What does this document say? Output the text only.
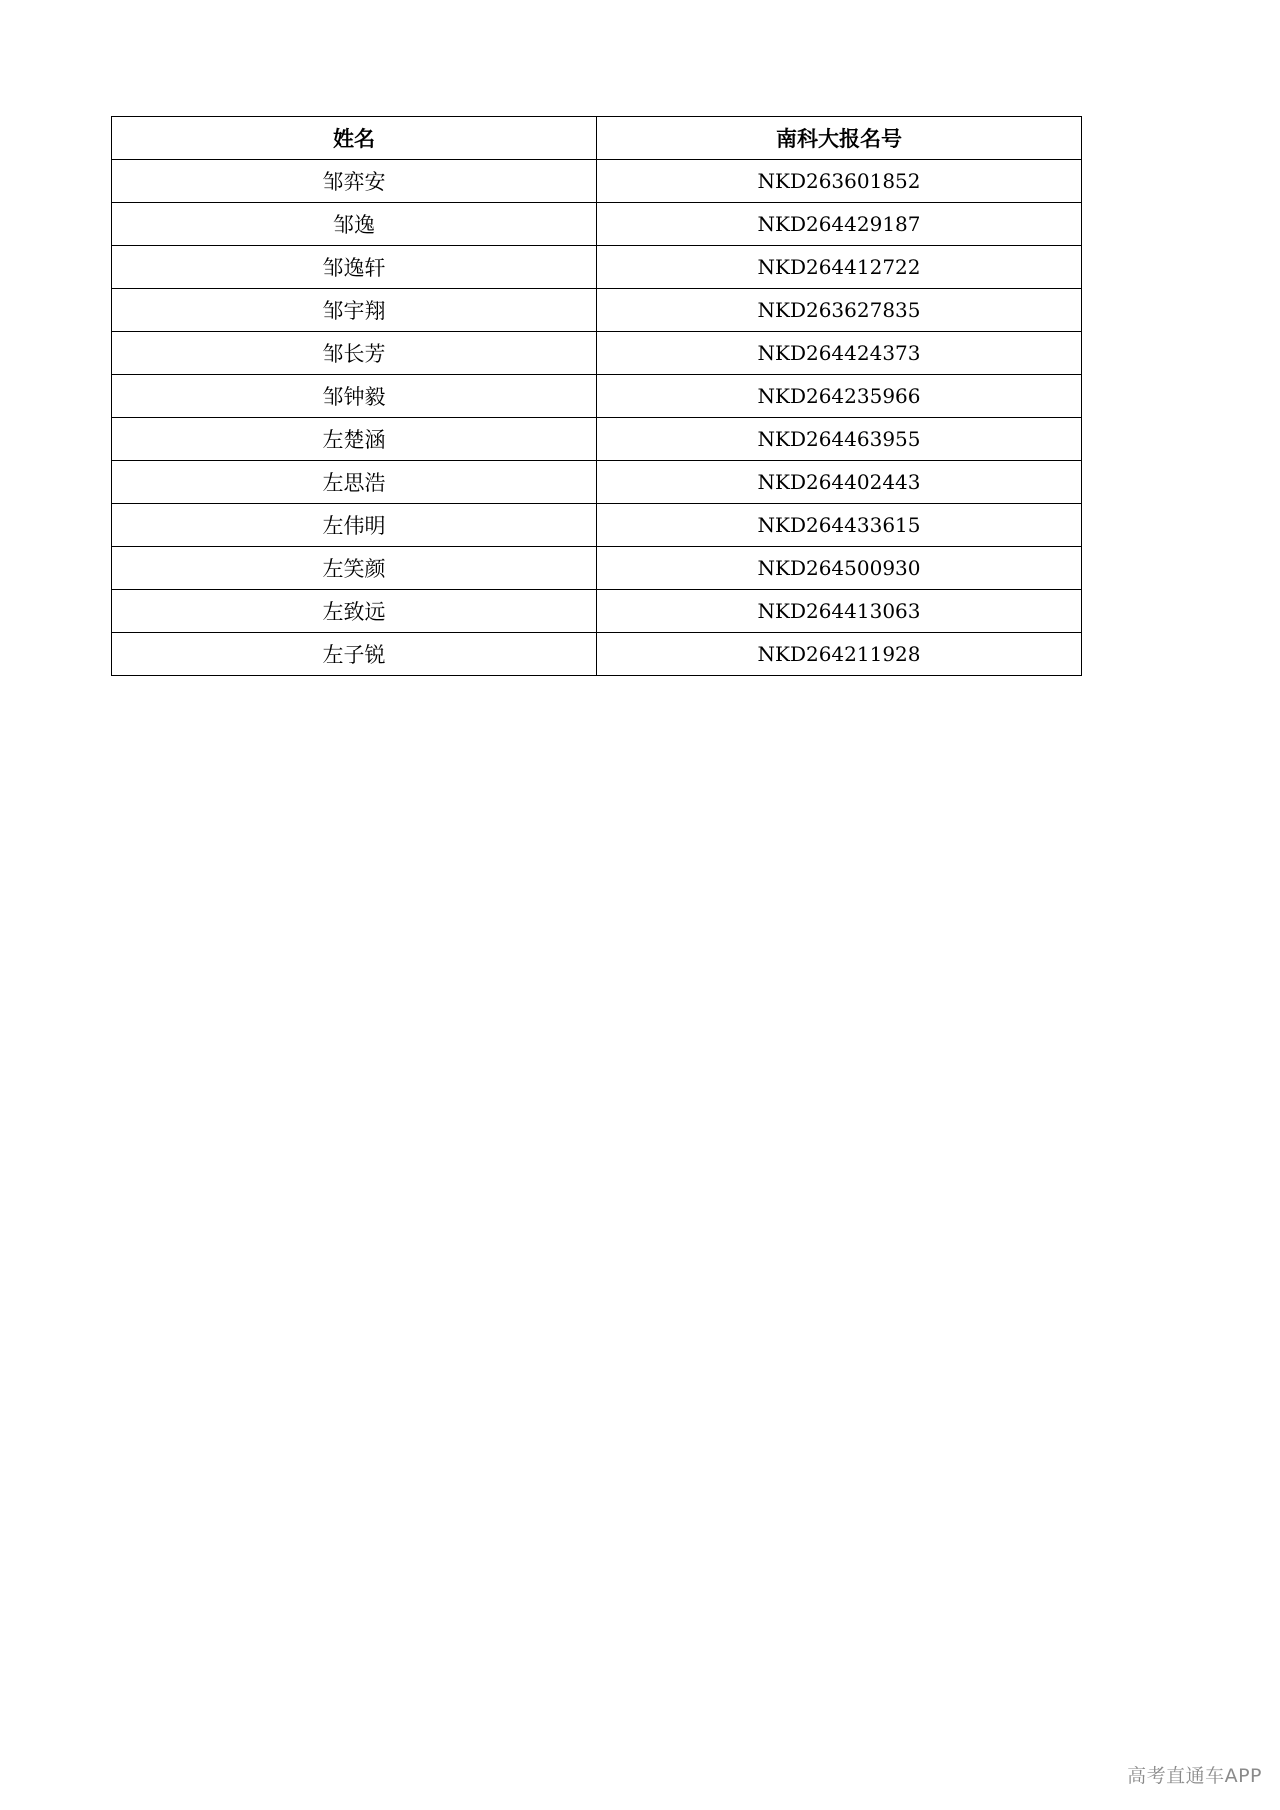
姓名	南科大报名号
邹弈安	NKD263601852
邹逸	NKD264429187
邹逸轩	NKD264412722
邹宇翔	NKD263627835
邹长芳	NKD264424373
邹钟毅	NKD264235966
左楚涵	NKD264463955
左思浩	NKD264402443
左伟明	NKD264433615
左笑颜	NKD264500930
左致远	NKD264413063
左子锐	NKD264211928
高考直通车APP
